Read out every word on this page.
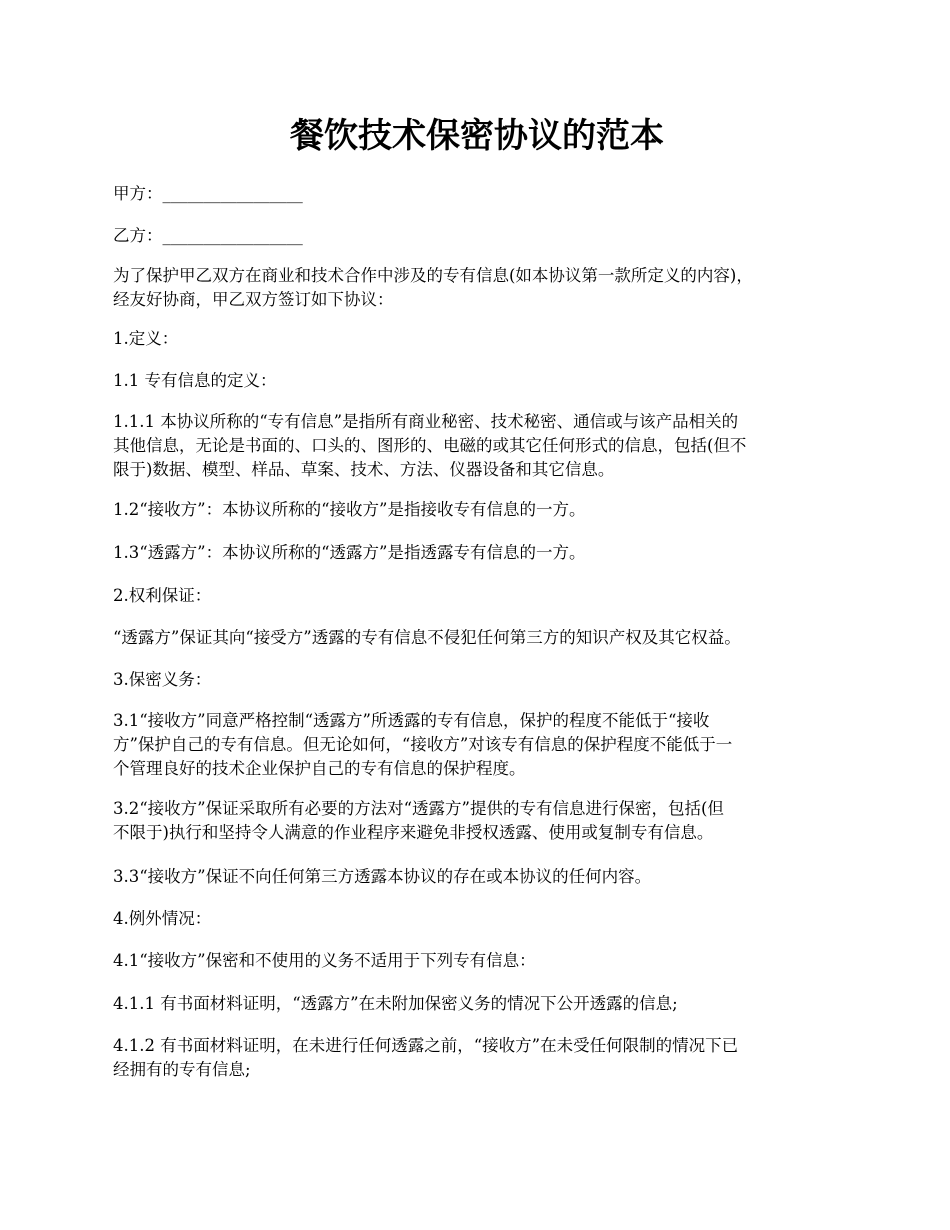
餐饮技术保密协议的范本

甲方：_________________

乙方：_________________

为了保护甲乙双方在商业和技术合作中涉及的专有信息(如本协议第一款所定义的内容)，
经友好协商，甲乙双方签订如下协议：

1.定义：

1.1 专有信息的定义：

1.1.1 本协议所称的“专有信息”是指所有商业秘密、技术秘密、通信或与该产品相关的
其他信息，无论是书面的、口头的、图形的、电磁的或其它任何形式的信息，包括(但不
限于)数据、模型、样品、草案、技术、方法、仪器设备和其它信息。

1.2“接收方”：本协议所称的“接收方”是指接收专有信息的一方。

1.3“透露方”：本协议所称的“透露方”是指透露专有信息的一方。

2.权利保证：

“透露方”保证其向“接受方”透露的专有信息不侵犯任何第三方的知识产权及其它权益。

3.保密义务：

3.1“接收方”同意严格控制“透露方”所透露的专有信息，保护的程度不能低于“接收
方”保护自己的专有信息。但无论如何，“接收方”对该专有信息的保护程度不能低于一
个管理良好的技术企业保护自己的专有信息的保护程度。

3.2“接收方”保证采取所有必要的方法对“透露方”提供的专有信息进行保密，包括(但
不限于)执行和坚持令人满意的作业程序来避免非授权透露、使用或复制专有信息。

3.3“接收方”保证不向任何第三方透露本协议的存在或本协议的任何内容。

4.例外情况：

4.1“接收方”保密和不使用的义务不适用于下列专有信息：

4.1.1 有书面材料证明，“透露方”在未附加保密义务的情况下公开透露的信息;

4.1.2 有书面材料证明，在未进行任何透露之前，“接收方”在未受任何限制的情况下已
经拥有的专有信息;
